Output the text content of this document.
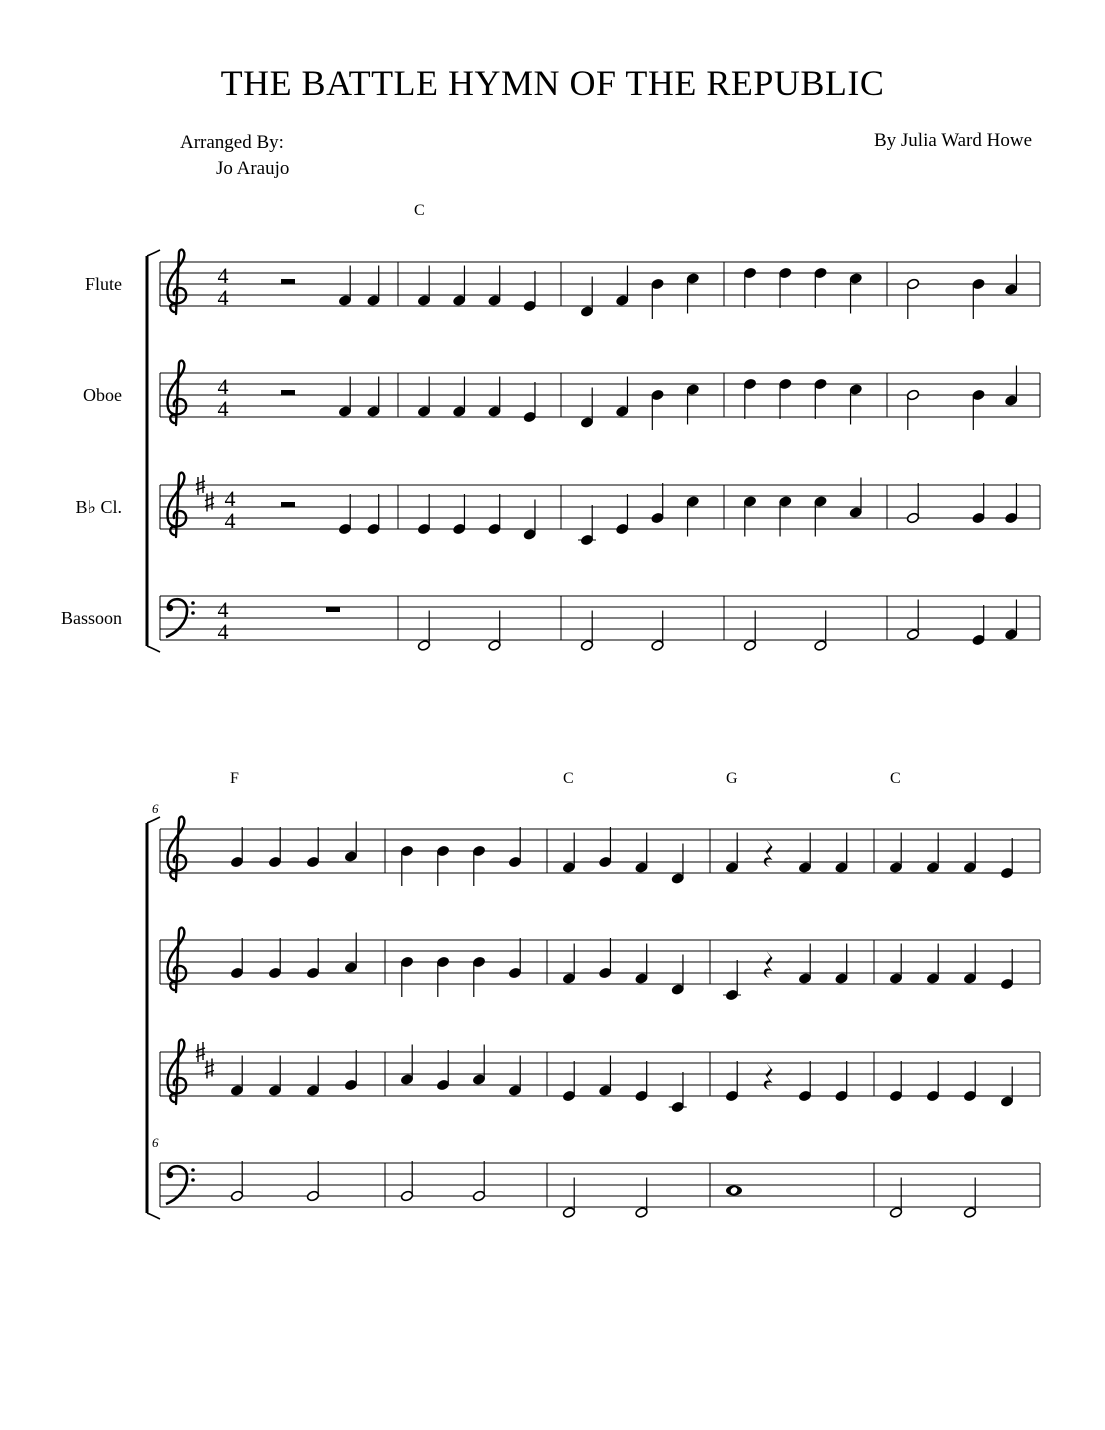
THE BATTLE HYMN OF THE REPUBLIC
Arranged By:
Jo Araujo
By Julia Ward Howe
C
Flute	4
4
Oboe	4
4
B♭ Cl.	4
4
Bassoon	4
4
6
6
F	C	G	C
